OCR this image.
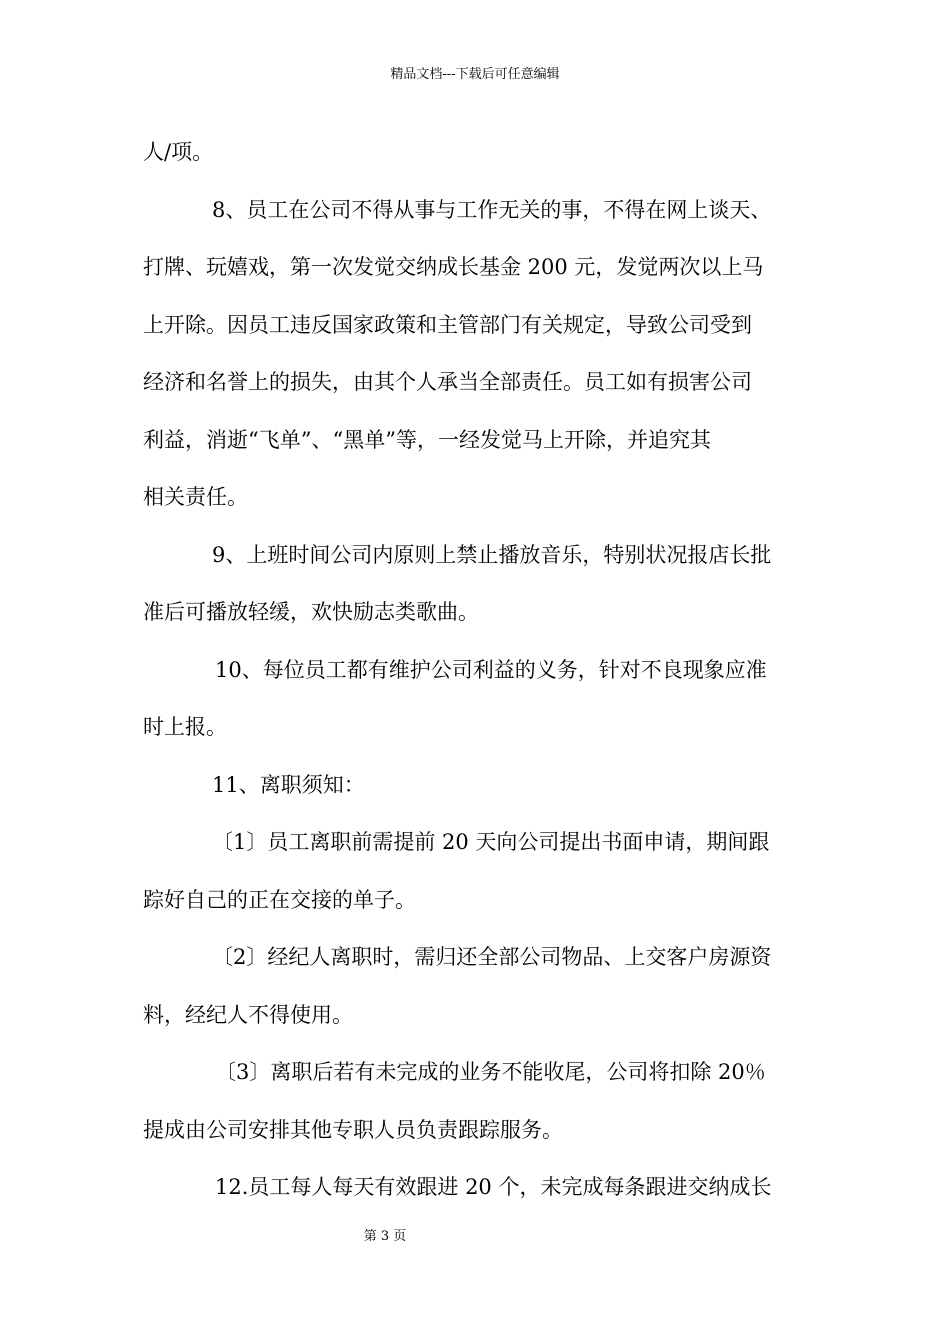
精品文档---下载后可任意编辑
人/项。
8、员工在公司不得从事与工作无关的事，不得在网上谈天、
打牌、玩嬉戏，第一次发觉交纳成长基金 200 元，发觉两次以上马
上开除。因员工违反国家政策和主管部门有关规定，导致公司受到
经济和名誉上的损失，由其个人承当全部责任。员工如有损害公司
利益，消逝“飞单”、“黑单”等，一经发觉马上开除，并追究其
相关责任。
9、上班时间公司内原则上禁止播放音乐，特别状况报店长批
准后可播放轻缓，欢快励志类歌曲。
10、每位员工都有维护公司利益的义务，针对不良现象应准
时上报。
11、离职须知：
〔1〕员工离职前需提前 20 天向公司提出书面申请，期间跟
踪好自己的正在交接的单子。
〔2〕经纪人离职时，需归还全部公司物品、上交客户房源资
料，经纪人不得使用。
〔3〕离职后若有未完成的业务不能收尾，公司将扣除 20％
提成由公司安排其他专职人员负责跟踪服务。
12.员工每人每天有效跟进 20 个，未完成每条跟进交纳成长
第 3 页
